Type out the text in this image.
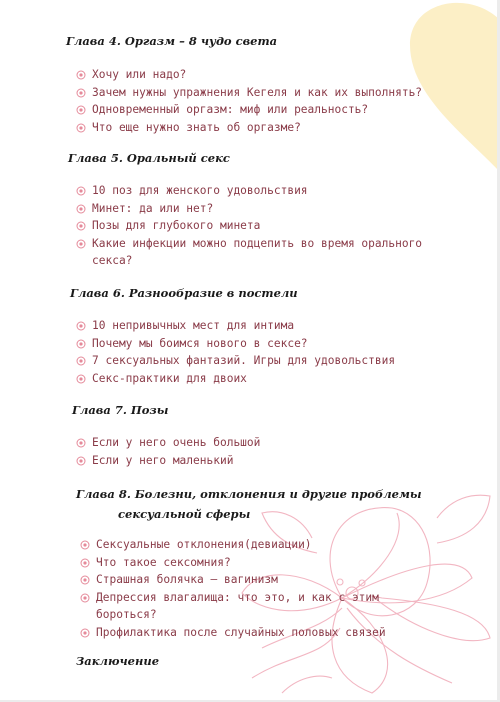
Глава 4. Оргазм – 8 чудо света
Хочу или надо?
Зачем нужны упражнения Кегеля и как их выполнять?
Одновременный оргазм: миф или реальность?
Что еще нужно знать об оргазме?
Глава 5. Оральный секс
10 поз для женского удовольствия
Минет: да или нет?
Позы для глубокого минета
Какие инфекции можно подцепить во время орального секса?
Глава 6. Разнообразие в постели
10 непривычных мест для интима
Почему мы боимся нового в сексе?
7 сексуальных фантазий. Игры для удовольствия
Секс-практики для двоих
Глава 7. Позы
Если у него очень большой
Если у него маленький
Глава 8. Болезни, отклонения и другие проблемы
сексуальной сферы
Сексуальные отклонения(девиации)
Что такое сексомния?
Страшная болячка – вагинизм
Депрессия влагалища: что это, и как с этим бороться?
Профилактика после случайных половых связей
Заключение
